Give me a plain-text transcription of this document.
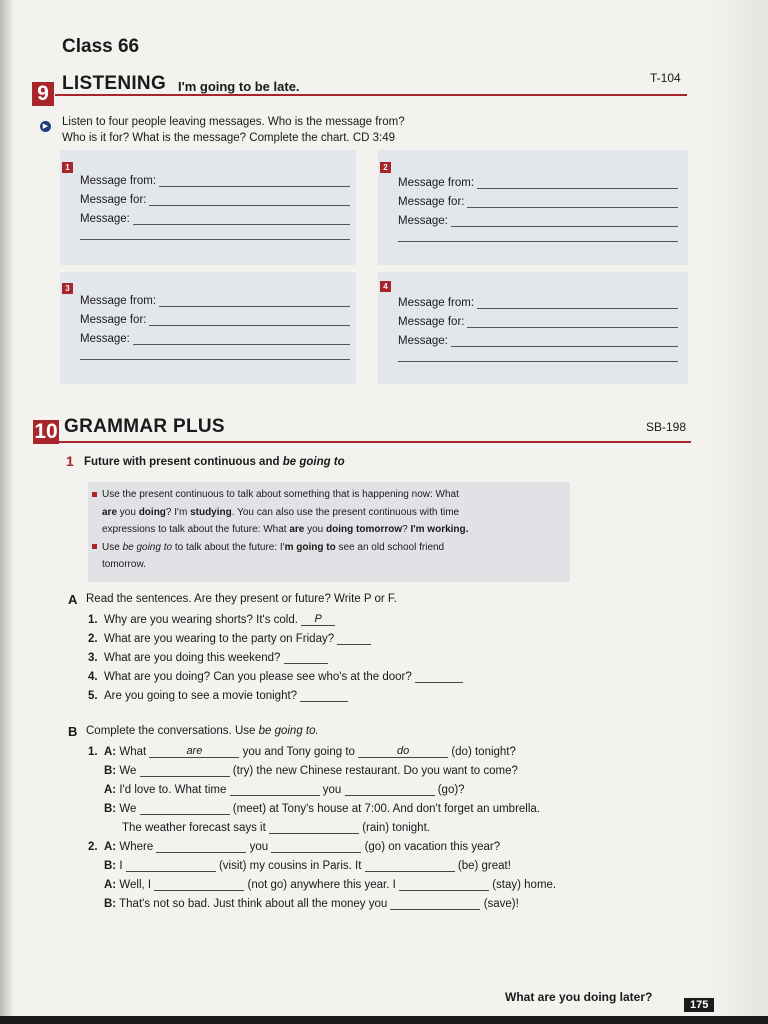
Class 66
9 LISTENING I'm going to be late.
T-104
▶ Listen to four people leaving messages. Who is the message from?
Who is it for? What is the message? Complete the chart. CD 3:49
1
Message from:
Message for:
Message:
2
Message from:
Message for:
Message:
3
Message from:
Message for:
Message:
4
Message from:
Message for:
Message:
10 GRAMMAR PLUS	SB-198
1 Future with present continuous and be going to
Use the present continuous to talk about something that is happening now: What
are you doing? I'm studying. You can also use the present continuous with time
expressions to talk about the future: What are you doing tomorrow? I'm working.
Use be going to to talk about the future: I'm going to see an old school friend
tomorrow.
A Read the sentences. Are they present or future? Write P or F.
1. Why are you wearing shorts? It's cold. P
2. What are you wearing to the party on Friday?
3. What are you doing this weekend?
4. What are you doing? Can you please see who's at the door?
5. Are you going to see a movie tonight?
B Complete the conversations. Use be going to.
1. A: What	are	you and Tony going to	do	(do) tonight?
B: We	(try) the new Chinese restaurant. Do you want to come?
A: I'd love to. What time	you	(go)?
B: We	(meet) at Tony's house at 7:00. And don't forget an umbrella.
The weather forecast says it	(rain) tonight.
2. A: Where	you	(go) on vacation this year?
B: I	(visit) my cousins in Paris. It	(be) great!
A: Well, I	(not go) anywhere this year. I	(stay) home.
B: That's not so bad. Just think about all the money you	(save)!
What are you doing later?
175
